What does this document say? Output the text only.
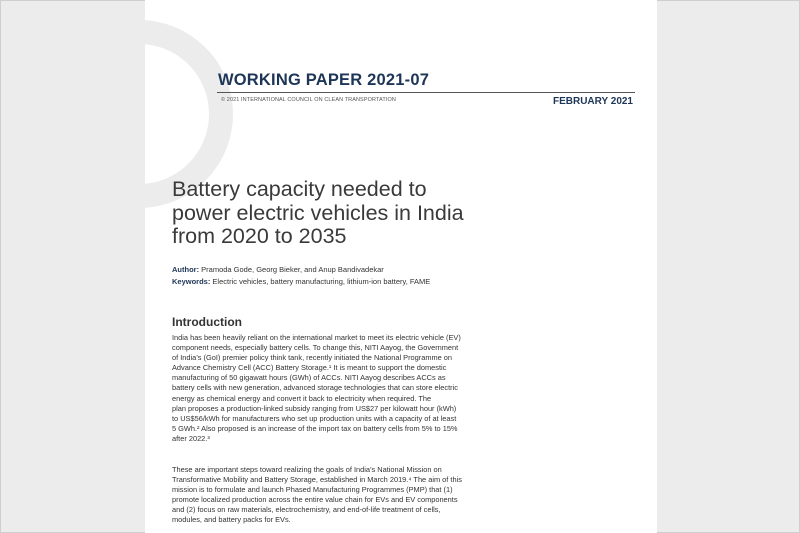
WORKING PAPER 2021-07
© 2021 INTERNATIONAL COUNCIL ON CLEAN TRANSPORTATION	FEBRUARY 2021
Battery capacity needed to
power electric vehicles in India
from 2020 to 2035
Author: Pramoda Gode, Georg Bieker, and Anup Bandivadekar
Keywords: Electric vehicles, battery manufacturing, lithium-ion battery, FAME
Introduction

India has been heavily reliant on the international market to meet its electric vehicle (EV)
component needs, especially battery cells. To change this, NITI Aayog, the Government
of India’s (GoI) premier policy think tank, recently initiated the National Programme on
Advance Chemistry Cell (ACC) Battery Storage.¹ It is meant to support the domestic
manufacturing of 50 gigawatt hours (GWh) of ACCs. NITI Aayog describes ACCs as
battery cells with new generation, advanced storage technologies that can store electric
energy as chemical energy and convert it back to electricity when required. The
plan proposes a production-linked subsidy ranging from US$27 per kilowatt hour (kWh)
to US$56/kWh for manufacturers who set up production units with a capacity of at least
5 GWh.² Also proposed is an increase of the import tax on battery cells from 5% to 15%
after 2022.³

These are important steps toward realizing the goals of India’s National Mission on
Transformative Mobility and Battery Storage, established in March 2019.⁴ The aim of this
mission is to formulate and launch Phased Manufacturing Programmes (PMP) that (1)
promote localized production across the entire value chain for EVs and EV components
and (2) focus on raw materials, electrochemistry, and end-of-life treatment of cells,
modules, and battery packs for EVs.
